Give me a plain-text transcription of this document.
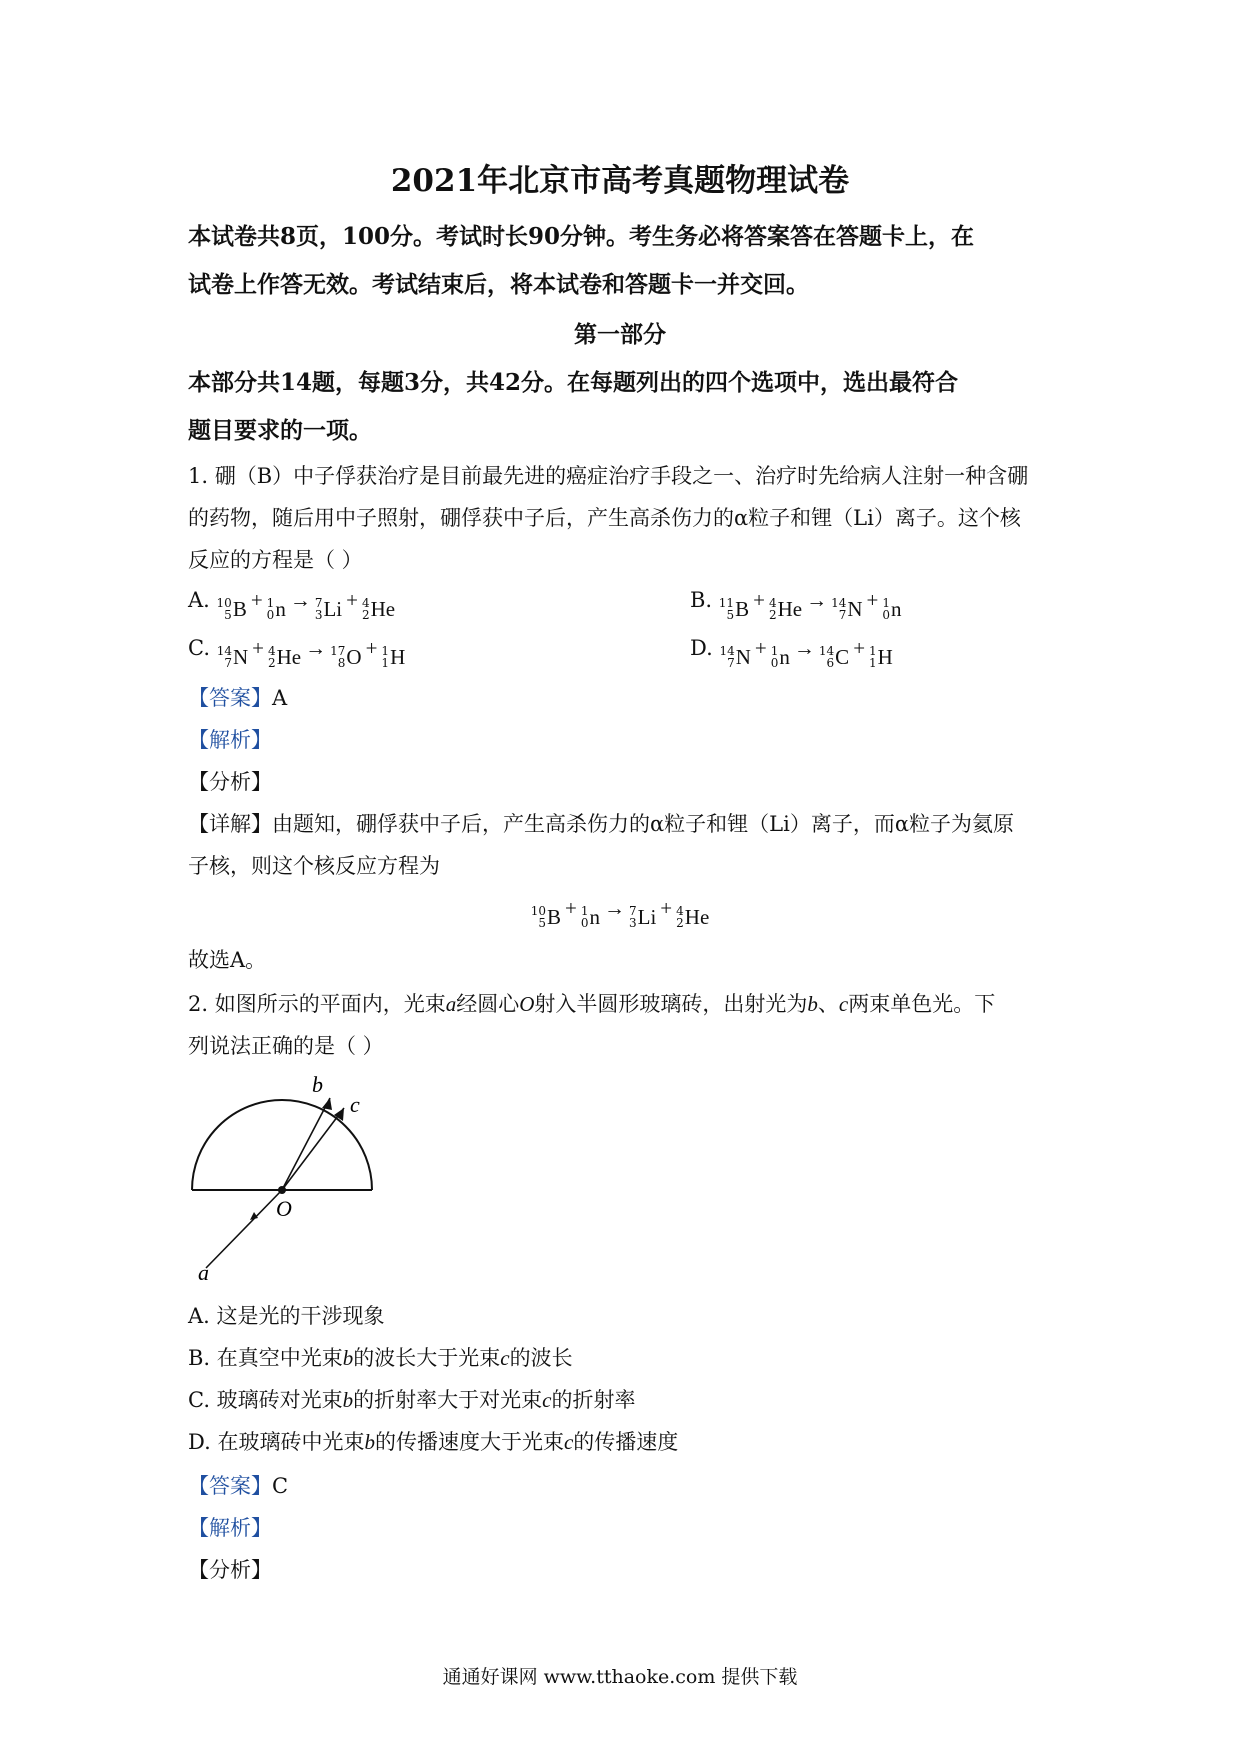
2021年北京市高考真题物理试卷
本试卷共8页，100分。考试时长90分钟。考生务必将答案答在答题卡上，在
试卷上作答无效。考试结束后，将本试卷和答题卡一并交回。
第一部分
本部分共14题，每题3分，共42分。在每题列出的四个选项中，选出最符合
题目要求的一项。
1. 硼（B）中子俘获治疗是目前最先进的癌症治疗手段之一、治疗时先给病人注射一种含硼
的药物，随后用中子照射，硼俘获中子后，产生高杀伤力的α粒子和锂（Li）离子。这个核
反应的方程是（ ）
A. 10
5 B + 1
0 n → 7
3 Li + 4
2 He	B. 11
5 B + 4
2 He → 14
7 N + 1
0 n
C. 14
7 N + 4
2 He → 17
8 O + 1
1 H	D. 14
7 N + 1
0 n → 14
6 C + 1
1 H
【答案】A
【解析】
【分析】
【详解】由题知，硼俘获中子后，产生高杀伤力的α粒子和锂（Li）离子，而α粒子为氦原
子核，则这个核反应方程为
10
5 B + 1
0 n → 7
3 Li + 4
2 He
故选A。
2. 如图所示的平面内，光束a经圆心O射入半圆形玻璃砖，出射光为b、c两束单色光。下
列说法正确的是（ ）
b
c
O
a
A. 这是光的干涉现象
B. 在真空中光束b的波长大于光束c的波长
C. 玻璃砖对光束b的折射率大于对光束c的折射率
D. 在玻璃砖中光束b的传播速度大于光束c的传播速度
【答案】C
【解析】
【分析】
通通好课网 www.tthaoke.com 提供下载
